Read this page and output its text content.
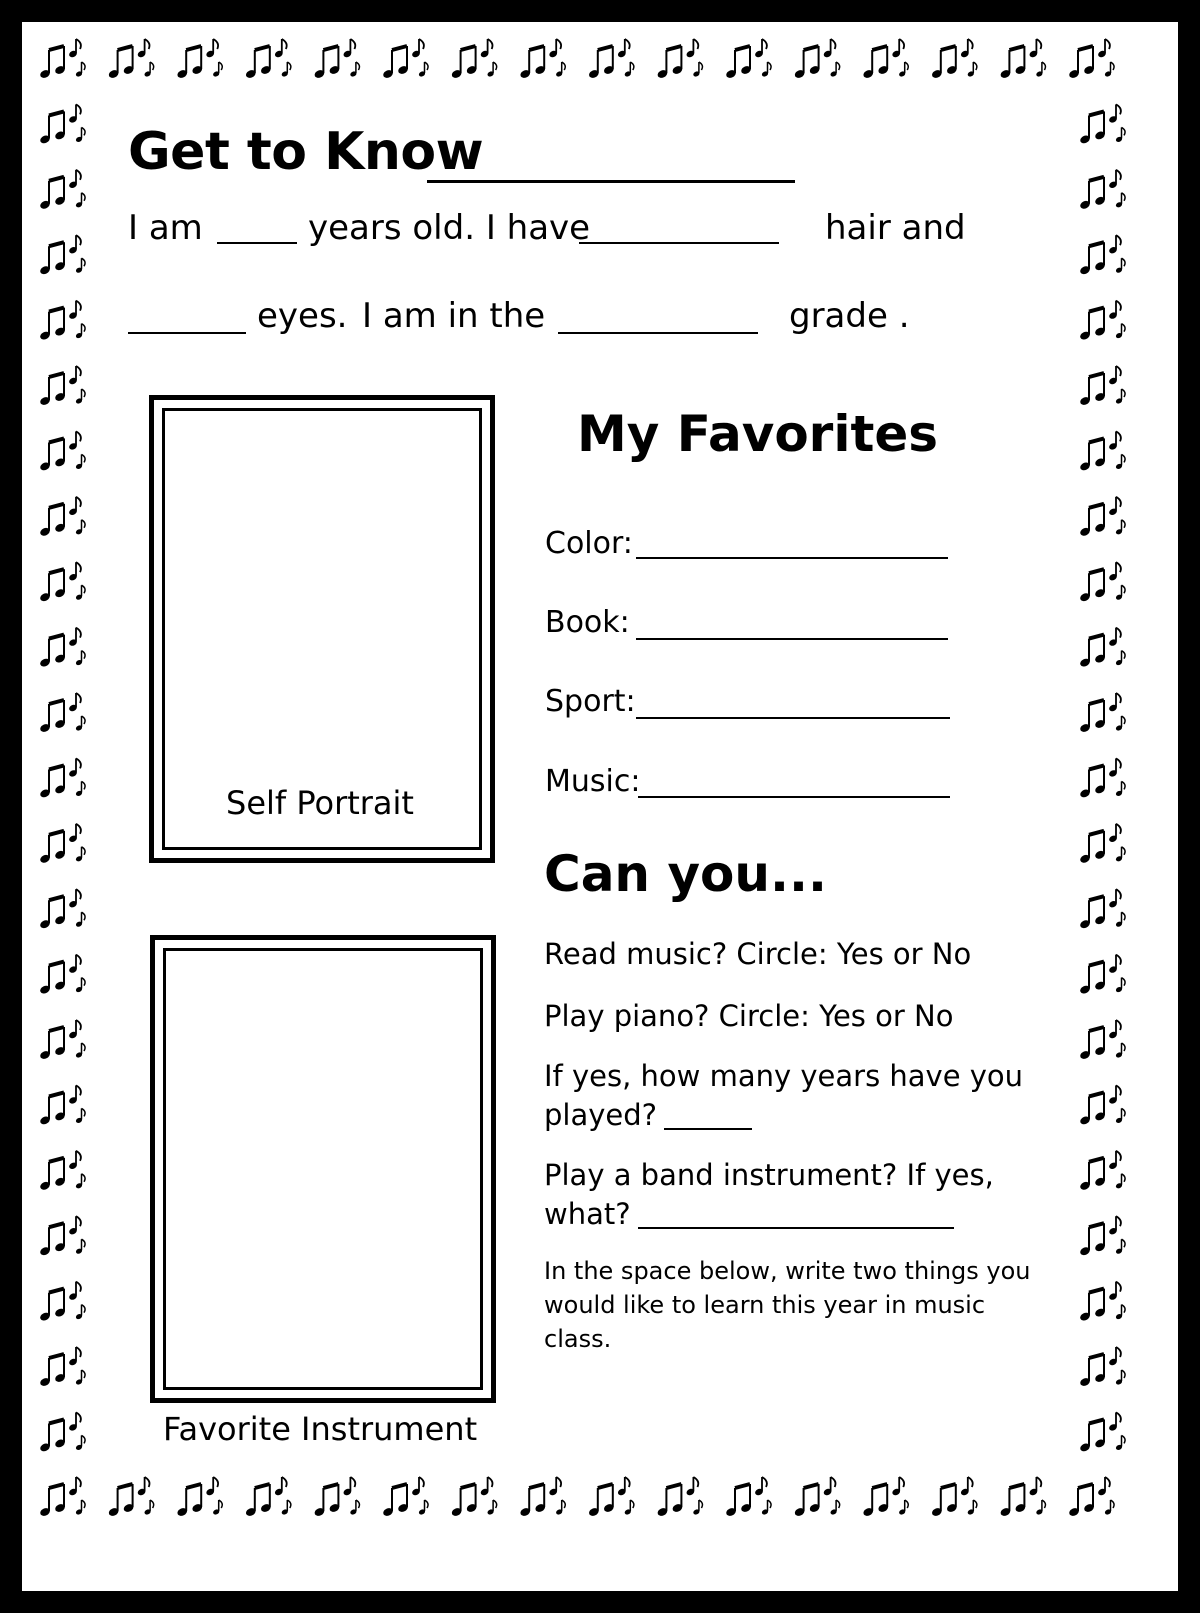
Get to Know
I am	years old. I have	hair and
eyes. I am in the	grade .
Self Portrait
Favorite Instrument
My Favorites
Color:
Book:
Sport:
Music:
Can you...
Read music? Circle: Yes or No
Play piano? Circle: Yes or No
If yes, how many years have you
played?
Play a band instrument? If yes,
what?
In the space below, write two things you
would like to learn this year in music
class.
